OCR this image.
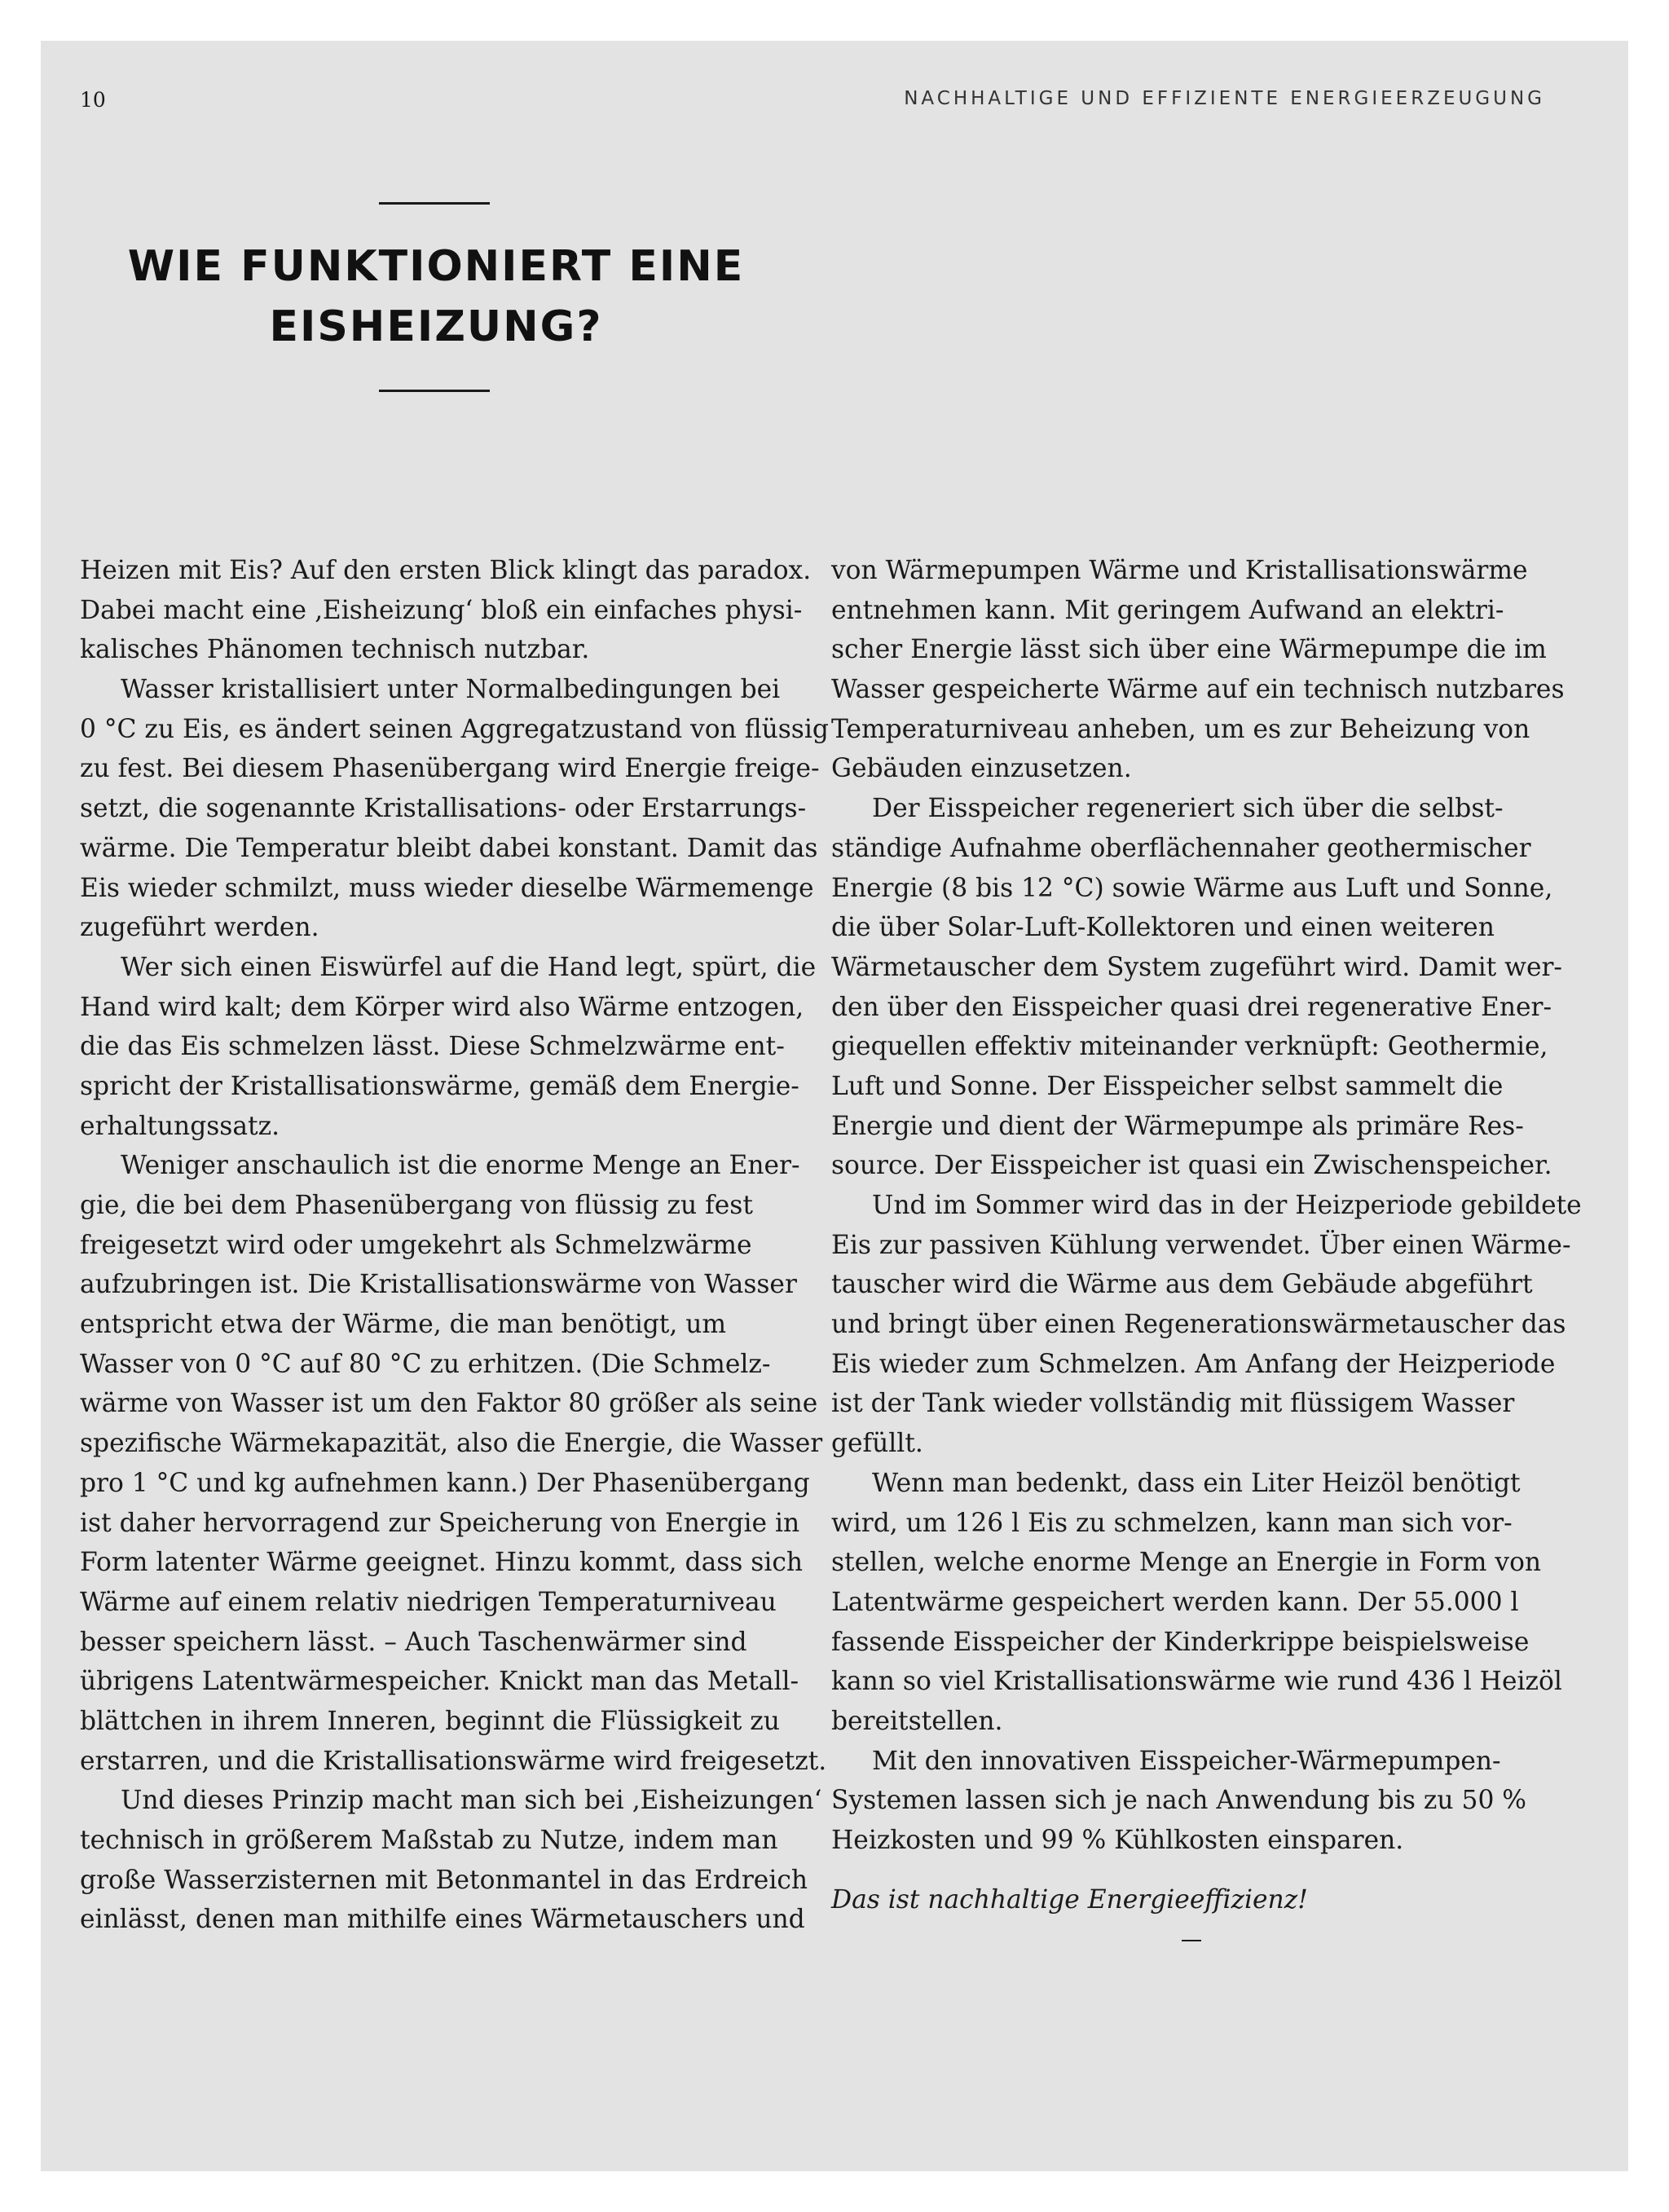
10	NACHHALTIGE UND EFFIZIENTE ENERGIEERZEUGUNG
WIE FUNKTIONIERT EINE
EISHEIZUNG?
Heizen mit Eis? Auf den ersten Blick klingt das paradox.
Dabei macht eine ‚Eisheizung‘ bloß ein einfaches physi-
kalisches Phänomen technisch nutzbar.
Wasser kristallisiert unter Normalbedingungen bei
0 °C zu Eis, es ändert seinen Aggregatzustand von flüssig
zu fest. Bei diesem Phasenübergang wird Energie freige-
setzt, die sogenannte Kristallisations- oder Erstarrungs-
wärme. Die Temperatur bleibt dabei konstant. Damit das
Eis wieder schmilzt, muss wieder dieselbe Wärmemenge
zugeführt werden.
Wer sich einen Eiswürfel auf die Hand legt, spürt, die
Hand wird kalt; dem Körper wird also Wärme entzogen,
die das Eis schmelzen lässt. Diese Schmelzwärme ent-
spricht der Kristallisationswärme, gemäß dem Energie-
erhaltungssatz.
Weniger anschaulich ist die enorme Menge an Ener-
gie, die bei dem Phasenübergang von flüssig zu fest
freigesetzt wird oder umgekehrt als Schmelzwärme
aufzubringen ist. Die Kristallisationswärme von Wasser
entspricht etwa der Wärme, die man benötigt, um
Wasser von 0 °C auf 80 °C zu erhitzen. (Die Schmelz-
wärme von Wasser ist um den Faktor 80 größer als seine
spezifische Wärmekapazität, also die Energie, die Wasser
pro 1 °C und kg aufnehmen kann.) Der Phasenübergang
ist daher hervorragend zur Speicherung von Energie in
Form latenter Wärme geeignet. Hinzu kommt, dass sich
Wärme auf einem relativ niedrigen Temperaturniveau
besser speichern lässt. – Auch Taschenwärmer sind
übrigens Latentwärmespeicher. Knickt man das Metall-
blättchen in ihrem Inneren, beginnt die Flüssigkeit zu
erstarren, und die Kristallisationswärme wird freigesetzt.
Und dieses Prinzip macht man sich bei ‚Eisheizungen‘
technisch in größerem Maßstab zu Nutze, indem man
große Wasserzisternen mit Betonmantel in das Erdreich
einlässt, denen man mithilfe eines Wärmetauschers und
von Wärmepumpen Wärme und Kristallisationswärme
entnehmen kann. Mit geringem Aufwand an elektri-
scher Energie lässt sich über eine Wärmepumpe die im
Wasser gespeicherte Wärme auf ein technisch nutzbares
Temperaturniveau anheben, um es zur Beheizung von
Gebäuden einzusetzen.
Der Eisspeicher regeneriert sich über die selbst-
ständige Aufnahme oberflächennaher geothermischer
Energie (8 bis 12 °C) sowie Wärme aus Luft und Sonne,
die über Solar-Luft-Kollektoren und einen weiteren
Wärmetauscher dem System zugeführt wird. Damit wer-
den über den Eisspeicher quasi drei regenerative Ener-
giequellen effektiv miteinander verknüpft: Geothermie,
Luft und Sonne. Der Eisspeicher selbst sammelt die
Energie und dient der Wärmepumpe als primäre Res-
source. Der Eisspeicher ist quasi ein Zwischenspeicher.
Und im Sommer wird das in der Heizperiode gebildete
Eis zur passiven Kühlung verwendet. Über einen Wärme-
tauscher wird die Wärme aus dem Gebäude abgeführt
und bringt über einen Regenerationswärmetauscher das
Eis wieder zum Schmelzen. Am Anfang der Heizperiode
ist der Tank wieder vollständig mit flüssigem Wasser
gefüllt.
Wenn man bedenkt, dass ein Liter Heizöl benötigt
wird, um 126 l Eis zu schmelzen, kann man sich vor-
stellen, welche enorme Menge an Energie in Form von
Latentwärme gespeichert werden kann. Der 55.000 l
fassende Eisspeicher der Kinderkrippe beispielsweise
kann so viel Kristallisationswärme wie rund 436 l Heizöl
bereitstellen.
Mit den innovativen Eisspeicher-Wärmepumpen-
Systemen lassen sich je nach Anwendung bis zu 50 %
Heizkosten und 99 % Kühlkosten einsparen.
Das ist nachhaltige Energieeffizienz!
